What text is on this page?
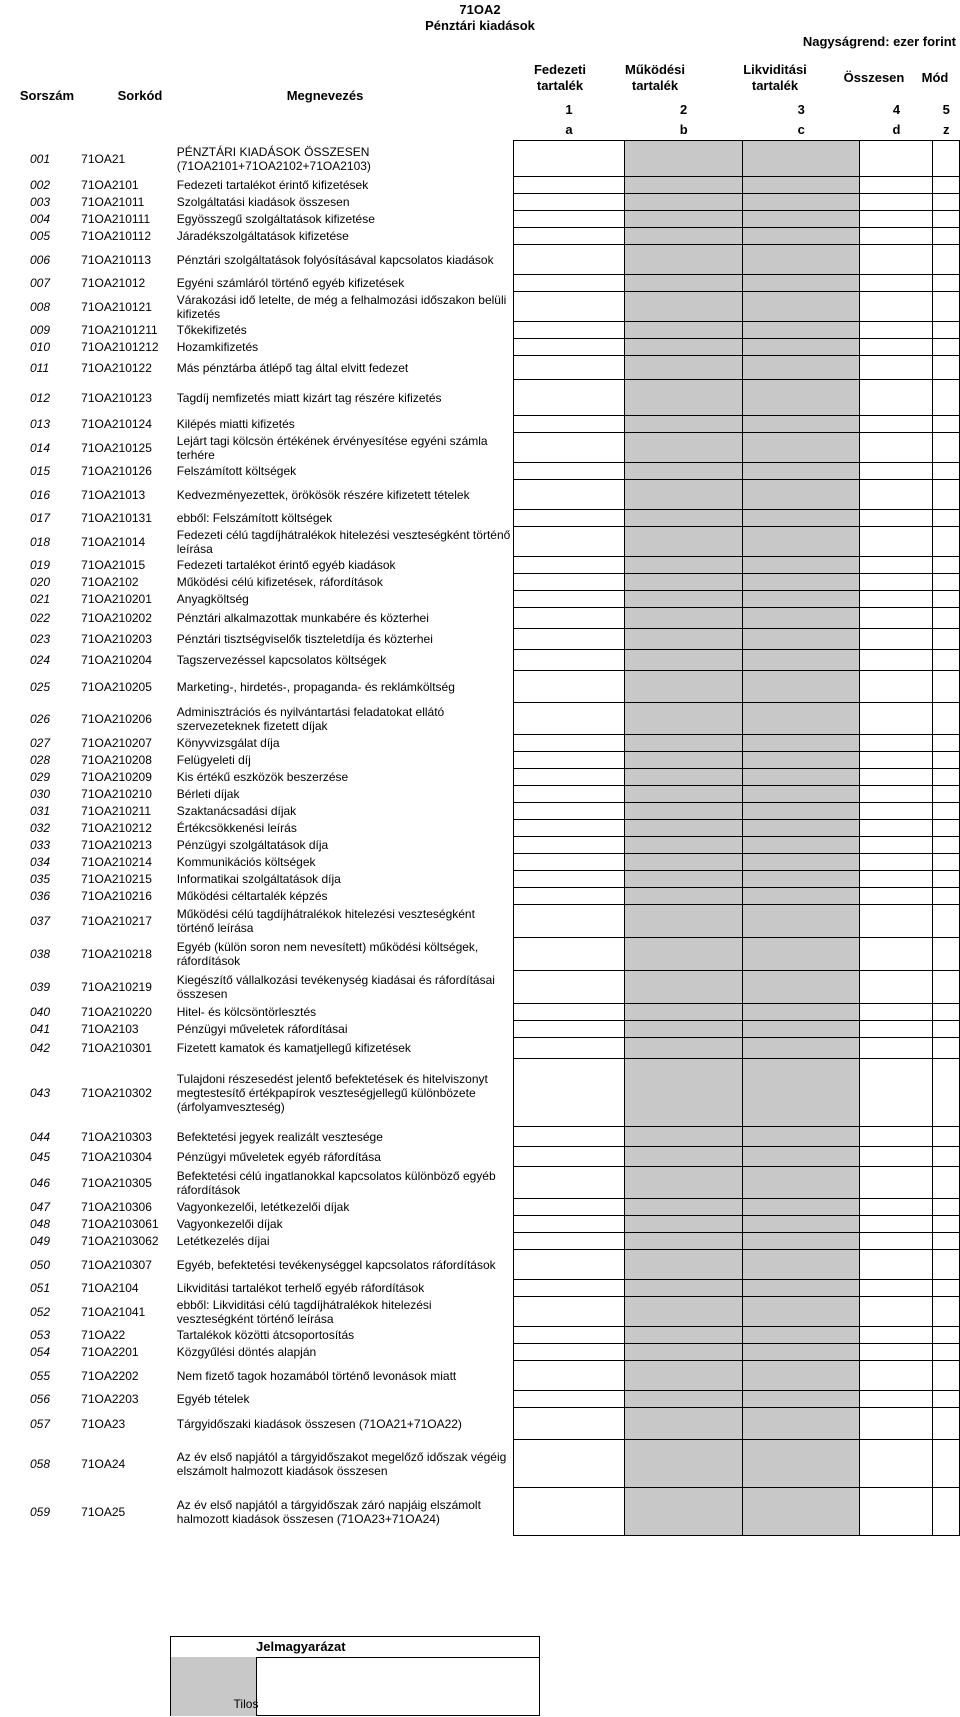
71OA2
Pénztári kiadások
Nagyságrend: ezer forint
Sorszám	Sorkód	Megnevezés
Fedezeti tartalék
Működési tartalék
Likviditási tartalék
Összesen	Mód
			1	2	3	4	5
			a	b	c	d	z
001	71OA21	PÉNZTÁRI KIADÁSOK ÖSSZESEN (71OA2101+71OA2102+71OA2103)					
002	71OA2101	Fedezeti tartalékot érintő kifizetések					
003	71OA21011	Szolgáltatási kiadások összesen					
004	71OA210111	Egyösszegű szolgáltatások kifizetése					
005	71OA210112	Járadékszolgáltatások kifizetése					
006	71OA210113	Pénztári szolgáltatások folyósításával kapcsolatos kiadások					
007	71OA21012	Egyéni számláról történő egyéb kifizetések					
008	71OA210121	Várakozási idő letelte, de még a felhalmozási időszakon belüli kifizetés					
009	71OA2101211	Tőkekifizetés					
010	71OA2101212	Hozamkifizetés					
011	71OA210122	Más pénztárba átlépő tag által elvitt fedezet					
012	71OA210123	Tagdíj nemfizetés miatt kizárt tag részére kifizetés					
013	71OA210124	Kilépés miatti kifizetés					
014	71OA210125	Lejárt tagi kölcsön értékének érvényesítése egyéni számla terhére					
015	71OA210126	Felszámított költségek					
016	71OA21013	Kedvezményezettek, örökösök részére kifizetett tételek					
017	71OA210131	ebből: Felszámított költségek					
018	71OA21014	Fedezeti célú tagdíjhátralékok hitelezési veszteségként történő leírása					
019	71OA21015	Fedezeti tartalékot érintő egyéb kiadások					
020	71OA2102	Működési célú kifizetések, ráfordítások					
021	71OA210201	Anyagköltség					
022	71OA210202	Pénztári alkalmazottak munkabére és közterhei					
023	71OA210203	Pénztári tisztségviselők tiszteletdíja és közterhei					
024	71OA210204	Tagszervezéssel kapcsolatos költségek					
025	71OA210205	Marketing-, hirdetés-, propaganda- és reklámköltség					
026	71OA210206	Adminisztrációs és nyilvántartási feladatokat ellátó szervezeteknek fizetett díjak					
027	71OA210207	Könyvvizsgálat díja					
028	71OA210208	Felügyeleti díj					
029	71OA210209	Kis értékű eszközök beszerzése					
030	71OA210210	Bérleti díjak					
031	71OA210211	Szaktanácsadási díjak					
032	71OA210212	Értékcsökkenési leírás					
033	71OA210213	Pénzügyi szolgáltatások díja					
034	71OA210214	Kommunikációs költségek					
035	71OA210215	Informatikai szolgáltatások díja					
036	71OA210216	Működési céltartalék képzés					
037	71OA210217	Működési célú tagdíjhátralékok hitelezési veszteségként történő leírása					
038	71OA210218	Egyéb (külön soron nem nevesített) működési költségek, ráfordítások					
039	71OA210219	Kiegészítő vállalkozási tevékenység kiadásai és ráfordításai összesen					
040	71OA210220	Hitel- és kölcsöntörlesztés					
041	71OA2103	Pénzügyi műveletek ráfordításai					
042	71OA210301	Fizetett kamatok és kamatjellegű kifizetések					
043	71OA210302	Tulajdoni részesedést jelentő befektetések és hitelviszonyt megtestesítő értékpapírok veszteségjellegű különbözete (árfolyamveszteség)					
044	71OA210303	Befektetési jegyek realizált vesztesége					
045	71OA210304	Pénzügyi műveletek egyéb ráfordítása					
046	71OA210305	Befektetési célú ingatlanokkal kapcsolatos különböző egyéb ráfordítások					
047	71OA210306	Vagyonkezelői, letétkezelői díjak					
048	71OA2103061	Vagyonkezelői díjak					
049	71OA2103062	Letétkezelés díjai					
050	71OA210307	Egyéb, befektetési tevékenységgel kapcsolatos ráfordítások					
051	71OA2104	Likviditási tartalékot terhelő egyéb ráfordítások					
052	71OA21041	ebből: Likviditási célú tagdíjhátralékok hitelezési veszteségként történő leírása					
053	71OA22	Tartalékok közötti átcsoportosítás					
054	71OA2201	Közgyűlési döntés alapján					
055	71OA2202	Nem fizető tagok hozamából történő levonások miatt					
056	71OA2203	Egyéb tételek					
057	71OA23	Tárgyidőszaki kiadások összesen (71OA21+71OA22)					
058	71OA24	Az év első napjától a tárgyidőszakot megelőző időszak végéig elszámolt halmozott kiadások összesen					
059	71OA25	Az év első napjától a tárgyidőszak záró napjáig elszámolt halmozott kiadások összesen (71OA23+71OA24)					
Jelmagyarázat
Tilos
